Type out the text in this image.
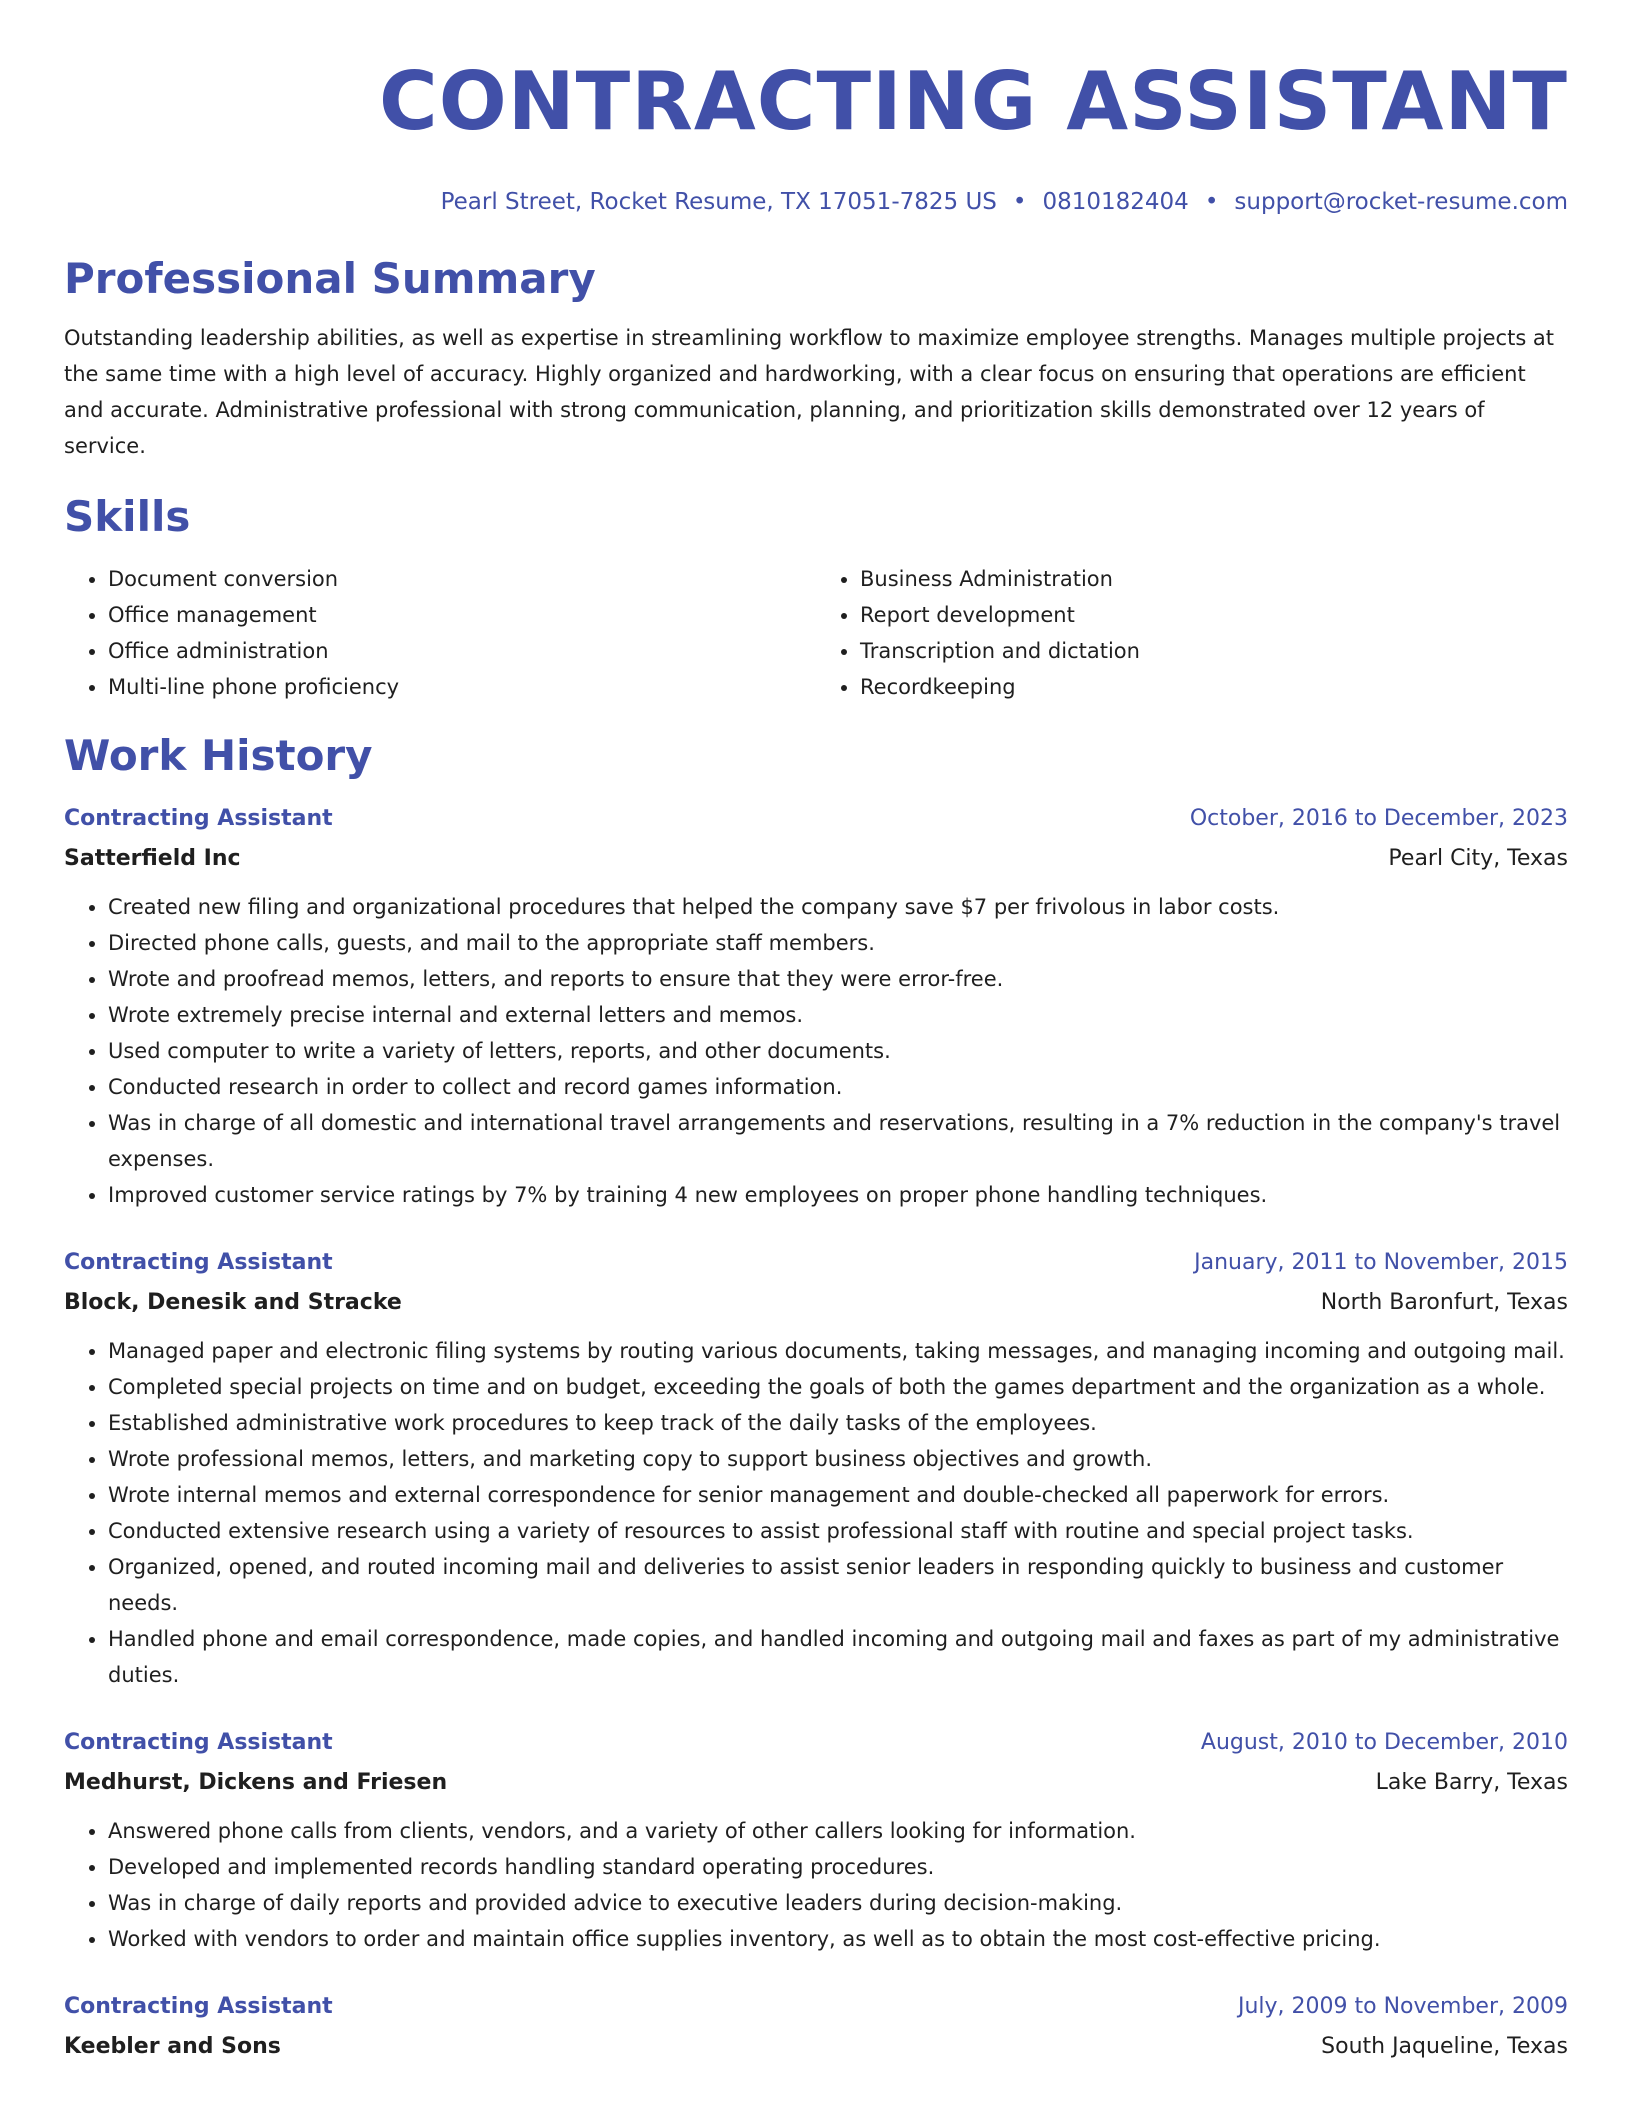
CONTRACTING ASSISTANT
Pearl Street, Rocket Resume, TX 17051-7825 US • 0810182404 • support@rocket-resume.com
Professional Summary
Outstanding leadership abilities, as well as expertise in streamlining workflow to maximize employee strengths. Manages multiple projects at the same time with a high level of accuracy. Highly organized and hardworking, with a clear focus on ensuring that operations are efficient and accurate. Administrative professional with strong communication, planning, and prioritization skills demonstrated over 12 years of service.
Skills
• Document conversion
• Office management
• Office administration
• Multi-line phone proficiency
• Business Administration
• Report development
• Transcription and dictation
• Recordkeeping
Work History
Contracting Assistant	October, 2016 to December, 2023
Satterfield Inc	Pearl City, Texas
• Created new filing and organizational procedures that helped the company save $7 per frivolous in labor costs.
• Directed phone calls, guests, and mail to the appropriate staff members.
• Wrote and proofread memos, letters, and reports to ensure that they were error-free.
• Wrote extremely precise internal and external letters and memos.
• Used computer to write a variety of letters, reports, and other documents.
• Conducted research in order to collect and record games information.
• Was in charge of all domestic and international travel arrangements and reservations, resulting in a 7% reduction in the company's travel expenses.
• Improved customer service ratings by 7% by training 4 new employees on proper phone handling techniques.
Contracting Assistant	January, 2011 to November, 2015
Block, Denesik and Stracke	North Baronfurt, Texas
• Managed paper and electronic filing systems by routing various documents, taking messages, and managing incoming and outgoing mail.
• Completed special projects on time and on budget, exceeding the goals of both the games department and the organization as a whole.
• Established administrative work procedures to keep track of the daily tasks of the employees.
• Wrote professional memos, letters, and marketing copy to support business objectives and growth.
• Wrote internal memos and external correspondence for senior management and double-checked all paperwork for errors.
• Conducted extensive research using a variety of resources to assist professional staff with routine and special project tasks.
• Organized, opened, and routed incoming mail and deliveries to assist senior leaders in responding quickly to business and customer needs.
• Handled phone and email correspondence, made copies, and handled incoming and outgoing mail and faxes as part of my administrative duties.
Contracting Assistant	August, 2010 to December, 2010
Medhurst, Dickens and Friesen	Lake Barry, Texas
• Answered phone calls from clients, vendors, and a variety of other callers looking for information.
• Developed and implemented records handling standard operating procedures.
• Was in charge of daily reports and provided advice to executive leaders during decision-making.
• Worked with vendors to order and maintain office supplies inventory, as well as to obtain the most cost-effective pricing.
Contracting Assistant	July, 2009 to November, 2009
Keebler and Sons	South Jaqueline, Texas
